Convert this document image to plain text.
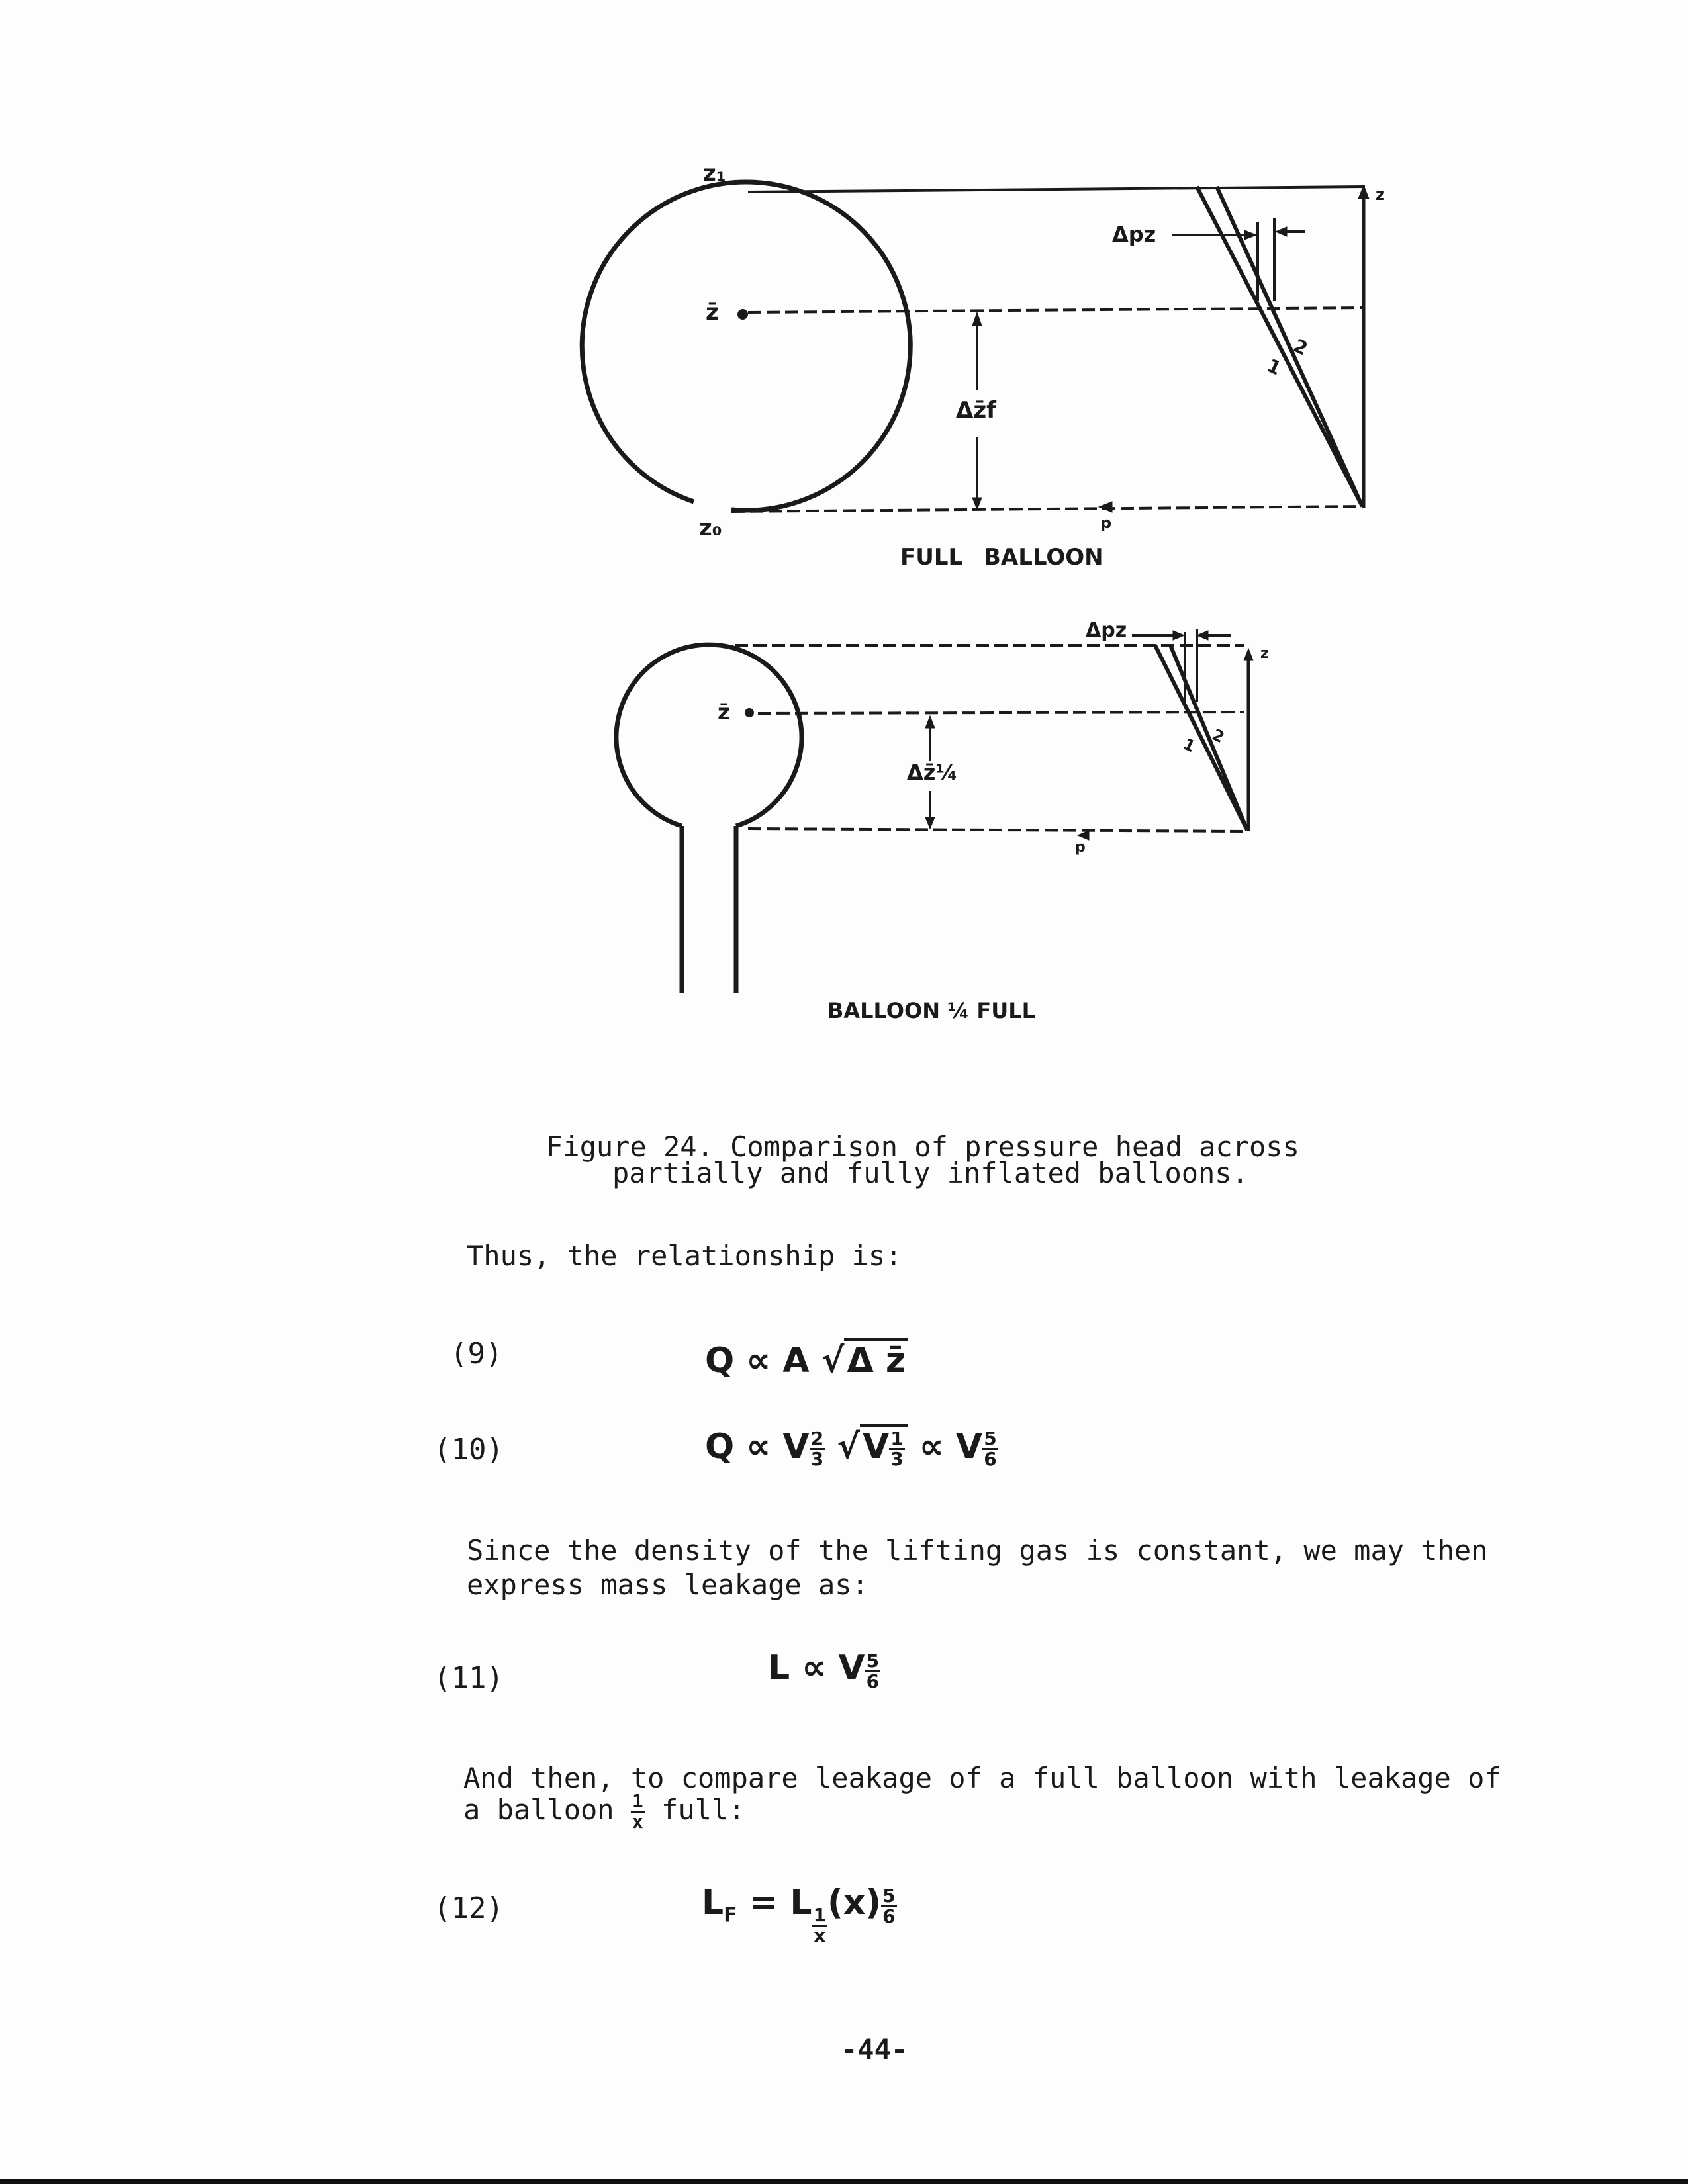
z₁
z̄
z₀
Δz̄f
Δpz
z
p
1
2
FULL BALLOON
z̄
Δz̄¼
Δpz
z
p
1 2
BALLOON ¼ FULL
Figure 24. Comparison of pressure head across
partially and fully inflated balloons.
Thus, the relationship is:
(9)	Q ∝ A √Δ z̄
(10)	Q ∝ V $\frac{2}{3} √V \frac{1}{3} \propto V \frac{5}{6}$
Since the density of the lifting gas is constant, we may then
express mass leakage as:
(11)	L ∝ V $\frac{5}{6}$
And then, to compare leakage of a full balloon with leakage of
a balloon $\frac{1}{x}$ full:
(12)	$L_F = L$
$\frac{1}{x}$
$(x) \frac{5}{6}$
-44-
